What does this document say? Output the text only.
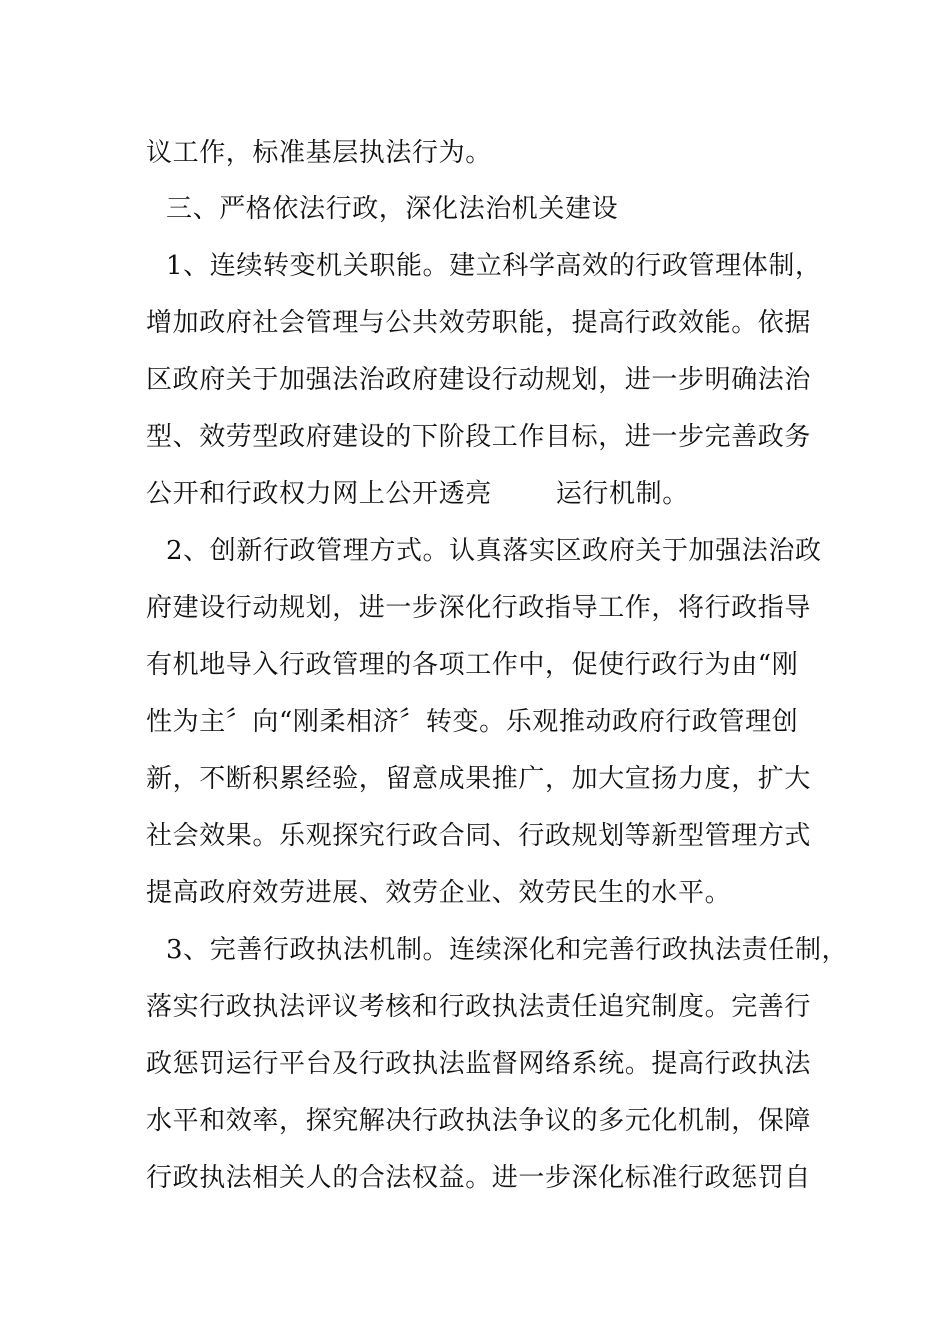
议工作，标准基层执法行为。
三、严格依法行政，深化法治机关建设
1、连续转变机关职能。建立科学高效的行政管理体制，
增加政府社会管理与公共效劳职能，提高行政效能。依据
区政府关于加强法治政府建设行动规划，进一步明确法治
型、效劳型政府建设的下阶段工作目标，进一步完善政务
公开和行政权力网上公开透亮 运行机制。
2、创新行政管理方式。认真落实区政府关于加强法治政
府建设行动规划，进一步深化行政指导工作，将行政指导
有机地导入行政管理的各项工作中，促使行政行为由“刚
性为主〞向“刚柔相济〞转变。乐观推动政府行政管理创
新，不断积累经验，留意成果推广，加大宣扬力度，扩大
社会效果。乐观探究行政合同、行政规划等新型管理方式
提高政府效劳进展、效劳企业、效劳民生的水平。
3、完善行政执法机制。连续深化和完善行政执法责任制，
落实行政执法评议考核和行政执法责任追究制度。完善行
政惩罚运行平台及行政执法监督网络系统。提高行政执法
水平和效率，探究解决行政执法争议的多元化机制，保障
行政执法相关人的合法权益。进一步深化标准行政惩罚自
